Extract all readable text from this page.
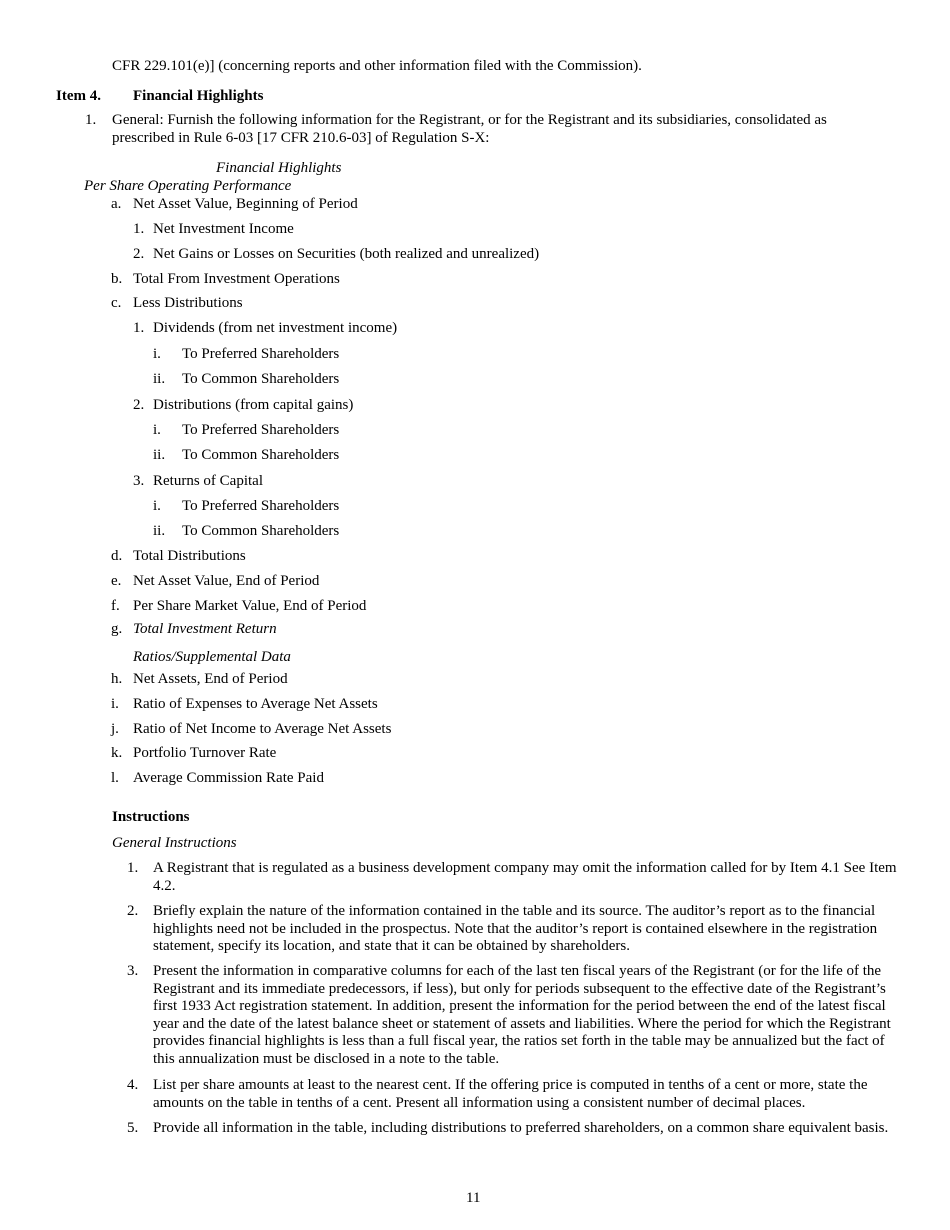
CFR 229.101(e)] (concerning reports and other information filed with the Commission).
Item 4. Financial Highlights
1. General: Furnish the following information for the Registrant, or for the Registrant and its subsidiaries, consolidated as prescribed in Rule 6-03 [17 CFR 210.6-03] of Regulation S-X:
Financial Highlights
Per Share Operating Performance
a. Net Asset Value, Beginning of Period
1. Net Investment Income
2. Net Gains or Losses on Securities (both realized and unrealized)
b. Total From Investment Operations
c. Less Distributions
1. Dividends (from net investment income)
i. To Preferred Shareholders
ii. To Common Shareholders
2. Distributions (from capital gains)
i. To Preferred Shareholders
ii. To Common Shareholders
3. Returns of Capital
i. To Preferred Shareholders
ii. To Common Shareholders
d. Total Distributions
e. Net Asset Value, End of Period
f. Per Share Market Value, End of Period
g. Total Investment Return
Ratios/Supplemental Data
h. Net Assets, End of Period
i. Ratio of Expenses to Average Net Assets
j. Ratio of Net Income to Average Net Assets
k. Portfolio Turnover Rate
l. Average Commission Rate Paid
Instructions
General Instructions
1. A Registrant that is regulated as a business development company may omit the information called for by Item 4.1 See Item 4.2.
2. Briefly explain the nature of the information contained in the table and its source. The auditor’s report as to the financial highlights need not be included in the prospectus. Note that the auditor’s report is contained elsewhere in the registration statement, specify its location, and state that it can be obtained by shareholders.
3. Present the information in comparative columns for each of the last ten fiscal years of the Registrant (or for the life of the Registrant and its immediate predecessors, if less), but only for periods subsequent to the effective date of the Registrant’s first 1933 Act registration statement. In addition, present the information for the period between the end of the latest fiscal year and the date of the latest balance sheet or statement of assets and liabilities. Where the period for which the Registrant provides financial highlights is less than a full fiscal year, the ratios set forth in the table may be annualized but the fact of this annualization must be disclosed in a note to the table.
4. List per share amounts at least to the nearest cent. If the offering price is computed in tenths of a cent or more, state the amounts on the table in tenths of a cent. Present all information using a consistent number of decimal places.
5. Provide all information in the table, including distributions to preferred shareholders, on a common share equivalent basis.
11
